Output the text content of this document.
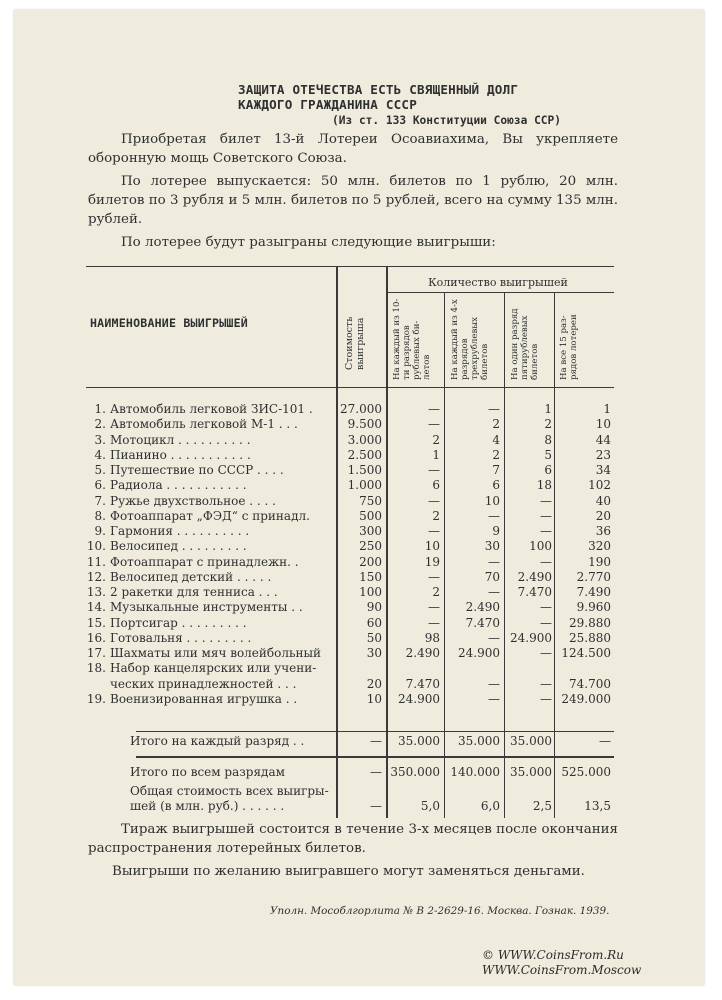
ЗАЩИТА ОТЕЧЕСТВА ЕСТЬ СВЯЩЕННЫЙ ДОЛГ
КАЖДОГО ГРАЖДАНИНА СССР
(Из ст. 133 Конституции Союза ССР)
Приобретая билет 13-й Лотереи Осоавиахима, Вы укрепляете оборонную мощь Советского Союза.
По лотерее выпускается: 50 млн. билетов по 1 рублю, 20 млн. билетов по 3 рубля и 5 млн. билетов по 5 рублей, всего на сумму 135 млн. рублей.
По лотерее будут разыграны следующие выигрыши:
НАИМЕНОВАНИЕ ВЫИГРЫШЕЙ	Стоимость выигрыша
Количество выигрышей
На каждый из 10-ти разрядов рублевых би- летов На каждый из 4-х разрядов трехрублевых билетов На один разряд пятирублевых билетов На все 15 раз- рядов лотереи
1. Автомобиль легковой ЗИС-101 .	27.000	—	—	1	1
2. Автомобиль легковой М-1 . . .	9.500	—	2	2	10
3. Мотоцикл . . . . . . . . . .	3.000	2	4	8	44
4. Пианино . . . . . . . . . . .	2.500	1	2	5	23
5. Путешествие по СССР . . . .	1.500	—	7	6	34
6. Радиола . . . . . . . . . . .	1.000	6	6	18	102
7. Ружье двухствольное . . . .	750	—	10	—	40
8. Фотоаппарат „ФЭД“ с принадл.	500	2	—	—	20
9. Гармония . . . . . . . . . .	300	—	9	—	36
10. Велосипед . . . . . . . . .	250	10	30	100	320
11. Фотоаппарат с принадлежн. .	200	19	—	—	190
12. Велосипед детский . . . . .	150	—	70	2.490	2.770
13. 2 ракетки для тенниса . . .	100	2	—	7.470	7.490
14. Музыкальные инструменты . .	90	—	2.490	—	9.960
15. Портсигар . . . . . . . . .	60	—	7.470	—	29.880
16. Готовальня . . . . . . . . .	50	98	— 24.900	25.880
17. Шахматы или мяч волейбольный	30	2.490	24.900	— 124.500
18. Набор канцелярских или учени-
ческих принадлежностей . . .	20	7.470	—	—	74.700
19. Военизированная игрушка . .	10	24.900	—	— 249.000
Итого на каждый разряд . .	—	35.000	35.000 35.000	—
Итого по всем разрядам	— 350.000 140.000 35.000 525.000
Общая стоимость всех выигры-
шей (в млн. руб.) . . . . . .	—	5,0	6,0	2,5	13,5
Тираж выигрышей состоится в течение 3-х месяцев после окончания распространения лотерейных билетов.
Выигрыши по желанию выигравшего могут заменяться деньгами.
Уполн. Мособлгорлита № В 2-2629-16. Москва. Гознак. 1939.
© WWW.CoinsFrom.Ru
WWW.CoinsFrom.Moscow
